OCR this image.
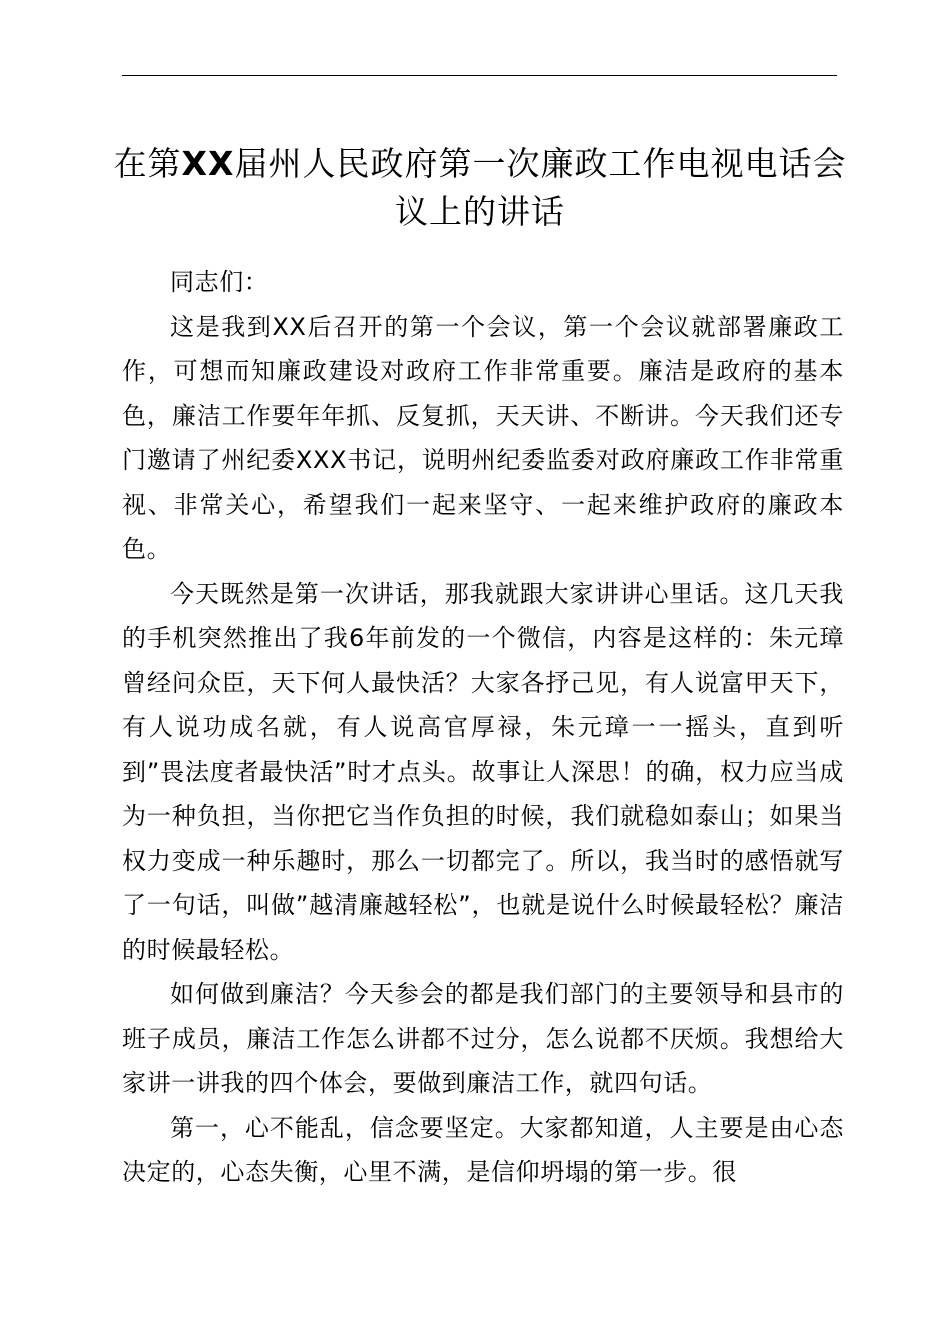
在第XX届州人民政府第一次廉政工作电视电话会议上的讲话

同志们：

这是我到XX后召开的第一个会议，第一个会议就部署廉政工作，可想而知廉政建设对政府工作非常重要。廉洁是政府的基本色，廉洁工作要年年抓、反复抓，天天讲、不断讲。今天我们还专门邀请了州纪委XXX书记，说明州纪委监委对政府廉政工作非常重视、非常关心，希望我们一起来坚守、一起来维护政府的廉政本色。

今天既然是第一次讲话，那我就跟大家讲讲心里话。这几天我的手机突然推出了我6年前发的一个微信，内容是这样的：朱元璋曾经问众臣，天下何人最快活？大家各抒己见，有人说富甲天下，有人说功成名就，有人说高官厚禄，朱元璋一一摇头，直到听到”畏法度者最快活”时才点头。故事让人深思！的确，权力应当成为一种负担，当你把它当作负担的时候，我们就稳如泰山；如果当权力变成一种乐趣时，那么一切都完了。所以，我当时的感悟就写了一句话，叫做”越清廉越轻松”，也就是说什么时候最轻松？廉洁的时候最轻松。

如何做到廉洁？今天参会的都是我们部门的主要领导和县市的班子成员，廉洁工作怎么讲都不过分，怎么说都不厌烦。我想给大家讲一讲我的四个体会，要做到廉洁工作，就四句话。

第一，心不能乱，信念要坚定。大家都知道，人主要是由心态决定的，心态失衡，心里不满，是信仰坍塌的第一步。很
